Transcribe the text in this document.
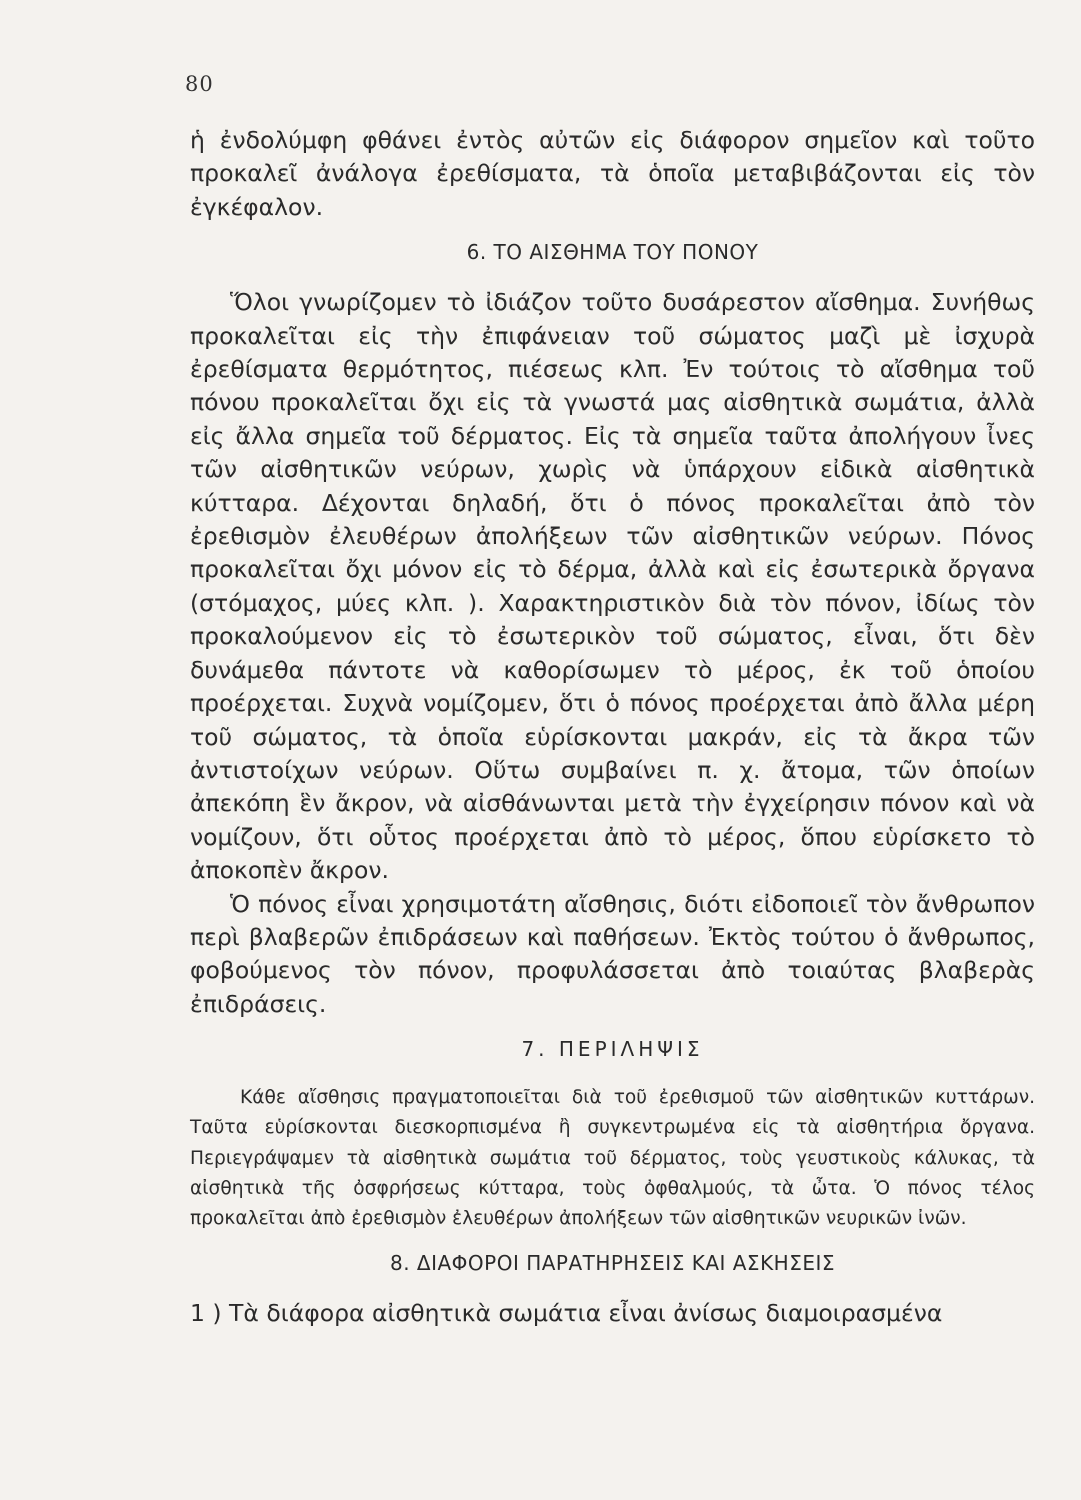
80

ἡ ἐνδολύμφη φθάνει ἐντὸς αὐτῶν εἰς διάφορον σημεῖον καὶ τοῦτο προκαλεῖ ἀνάλογα ἐρεθίσματα, τὰ ὁποῖα μεταβιβάζονται εἰς τὸν ἐγκέφαλον.

6. ΤΟ ΑΙΣΘΗΜΑ ΤΟΥ ΠΟΝΟΥ

Ὅλοι γνωρίζομεν τὸ ἰδιάζον τοῦτο δυσάρεστον αἴσθημα. Συνήθως προκαλεῖται εἰς τὴν ἐπιφάνειαν τοῦ σώματος μαζὶ μὲ ἰσχυρὰ ἐρεθίσματα θερμότητος, πιέσεως κλπ. Ἐν τούτοις τὸ αἴσθημα τοῦ πόνου προκαλεῖται ὄχι εἰς τὰ γνωστά μας αἰσθητικὰ σωμάτια, ἀλλὰ εἰς ἄλλα σημεῖα τοῦ δέρματος. Εἰς τὰ σημεῖα ταῦτα ἀπολήγουν ἶνες τῶν αἰσθητικῶν νεύρων, χωρὶς νὰ ὑπάρχουν εἰδικὰ αἰσθητικὰ κύτταρα. Δέχονται δηλαδή, ὅτι ὁ πόνος προκαλεῖται ἀπὸ τὸν ἐρεθισμὸν ἐλευθέρων ἀπολήξεων τῶν αἰσθητικῶν νεύρων. Πόνος προκαλεῖται ὄχι μόνον εἰς τὸ δέρμα, ἀλλὰ καὶ εἰς ἐσωτερικὰ ὄργανα (στόμαχος, μύες κλπ. ). Χαρακτηριστικὸν διὰ τὸν πόνον, ἰδίως τὸν προκαλούμενον εἰς τὸ ἐσωτερικὸν τοῦ σώματος, εἶναι, ὅτι δὲν δυνάμεθα πάντοτε νὰ καθορίσωμεν τὸ μέρος, ἐκ τοῦ ὁποίου προέρχεται. Συχνὰ νομίζομεν, ὅτι ὁ πόνος προέρχεται ἀπὸ ἄλλα μέρη τοῦ σώματος, τὰ ὁποῖα εὑρίσκονται μακράν, εἰς τὰ ἄκρα τῶν ἀντιστοίχων νεύρων. Οὕτω συμβαίνει π. χ. ἄτομα, τῶν ὁποίων ἀπεκόπη ἓν ἄκρον, νὰ αἰσθάνωνται μετὰ τὴν ἐγχείρησιν πόνον καὶ νὰ νομίζουν, ὅτι οὗτος προέρχεται ἀπὸ τὸ μέρος, ὅπου εὑρίσκετο τὸ ἀποκοπὲν ἄκρον.

Ὁ πόνος εἶναι χρησιμοτάτη αἴσθησις, διότι εἰδοποιεῖ τὸν ἄνθρωπον περὶ βλαβερῶν ἐπιδράσεων καὶ παθήσεων. Ἐκτὸς τούτου ὁ ἄνθρωπος, φοβούμενος τὸν πόνον, προφυλάσσεται ἀπὸ τοιαύτας βλαβερὰς ἐπιδράσεις.

7. ΠΕΡΙΛΗΨΙΣ

Κάθε αἴσθησις πραγματοποιεῖται διὰ τοῦ ἐρεθισμοῦ τῶν αἰσθητικῶν κυττάρων. Ταῦτα εὑρίσκονται διεσκορπισμένα ἢ συγκεντρωμένα εἰς τὰ αἰσθητήρια ὄργανα. Περιεγράψαμεν τὰ αἰσθητικὰ σωμάτια τοῦ δέρματος, τοὺς γευστικοὺς κάλυκας, τὰ αἰσθητικὰ τῆς ὀσφρήσεως κύτταρα, τοὺς ὀφθαλμούς, τὰ ὦτα. Ὁ πόνος τέλος προκαλεῖται ἀπὸ ἐρεθισμὸν ἐλευθέρων ἀπολήξεων τῶν αἰσθητικῶν νευρικῶν ἰνῶν.

8. ΔΙΑΦΟΡΟΙ ΠΑΡΑΤΗΡΗΣΕΙΣ ΚΑΙ ΑΣΚΗΣΕΙΣ

1 ) Τὰ διάφορα αἰσθητικὰ σωμάτια εἶναι ἀνίσως διαμοιρασμένα
